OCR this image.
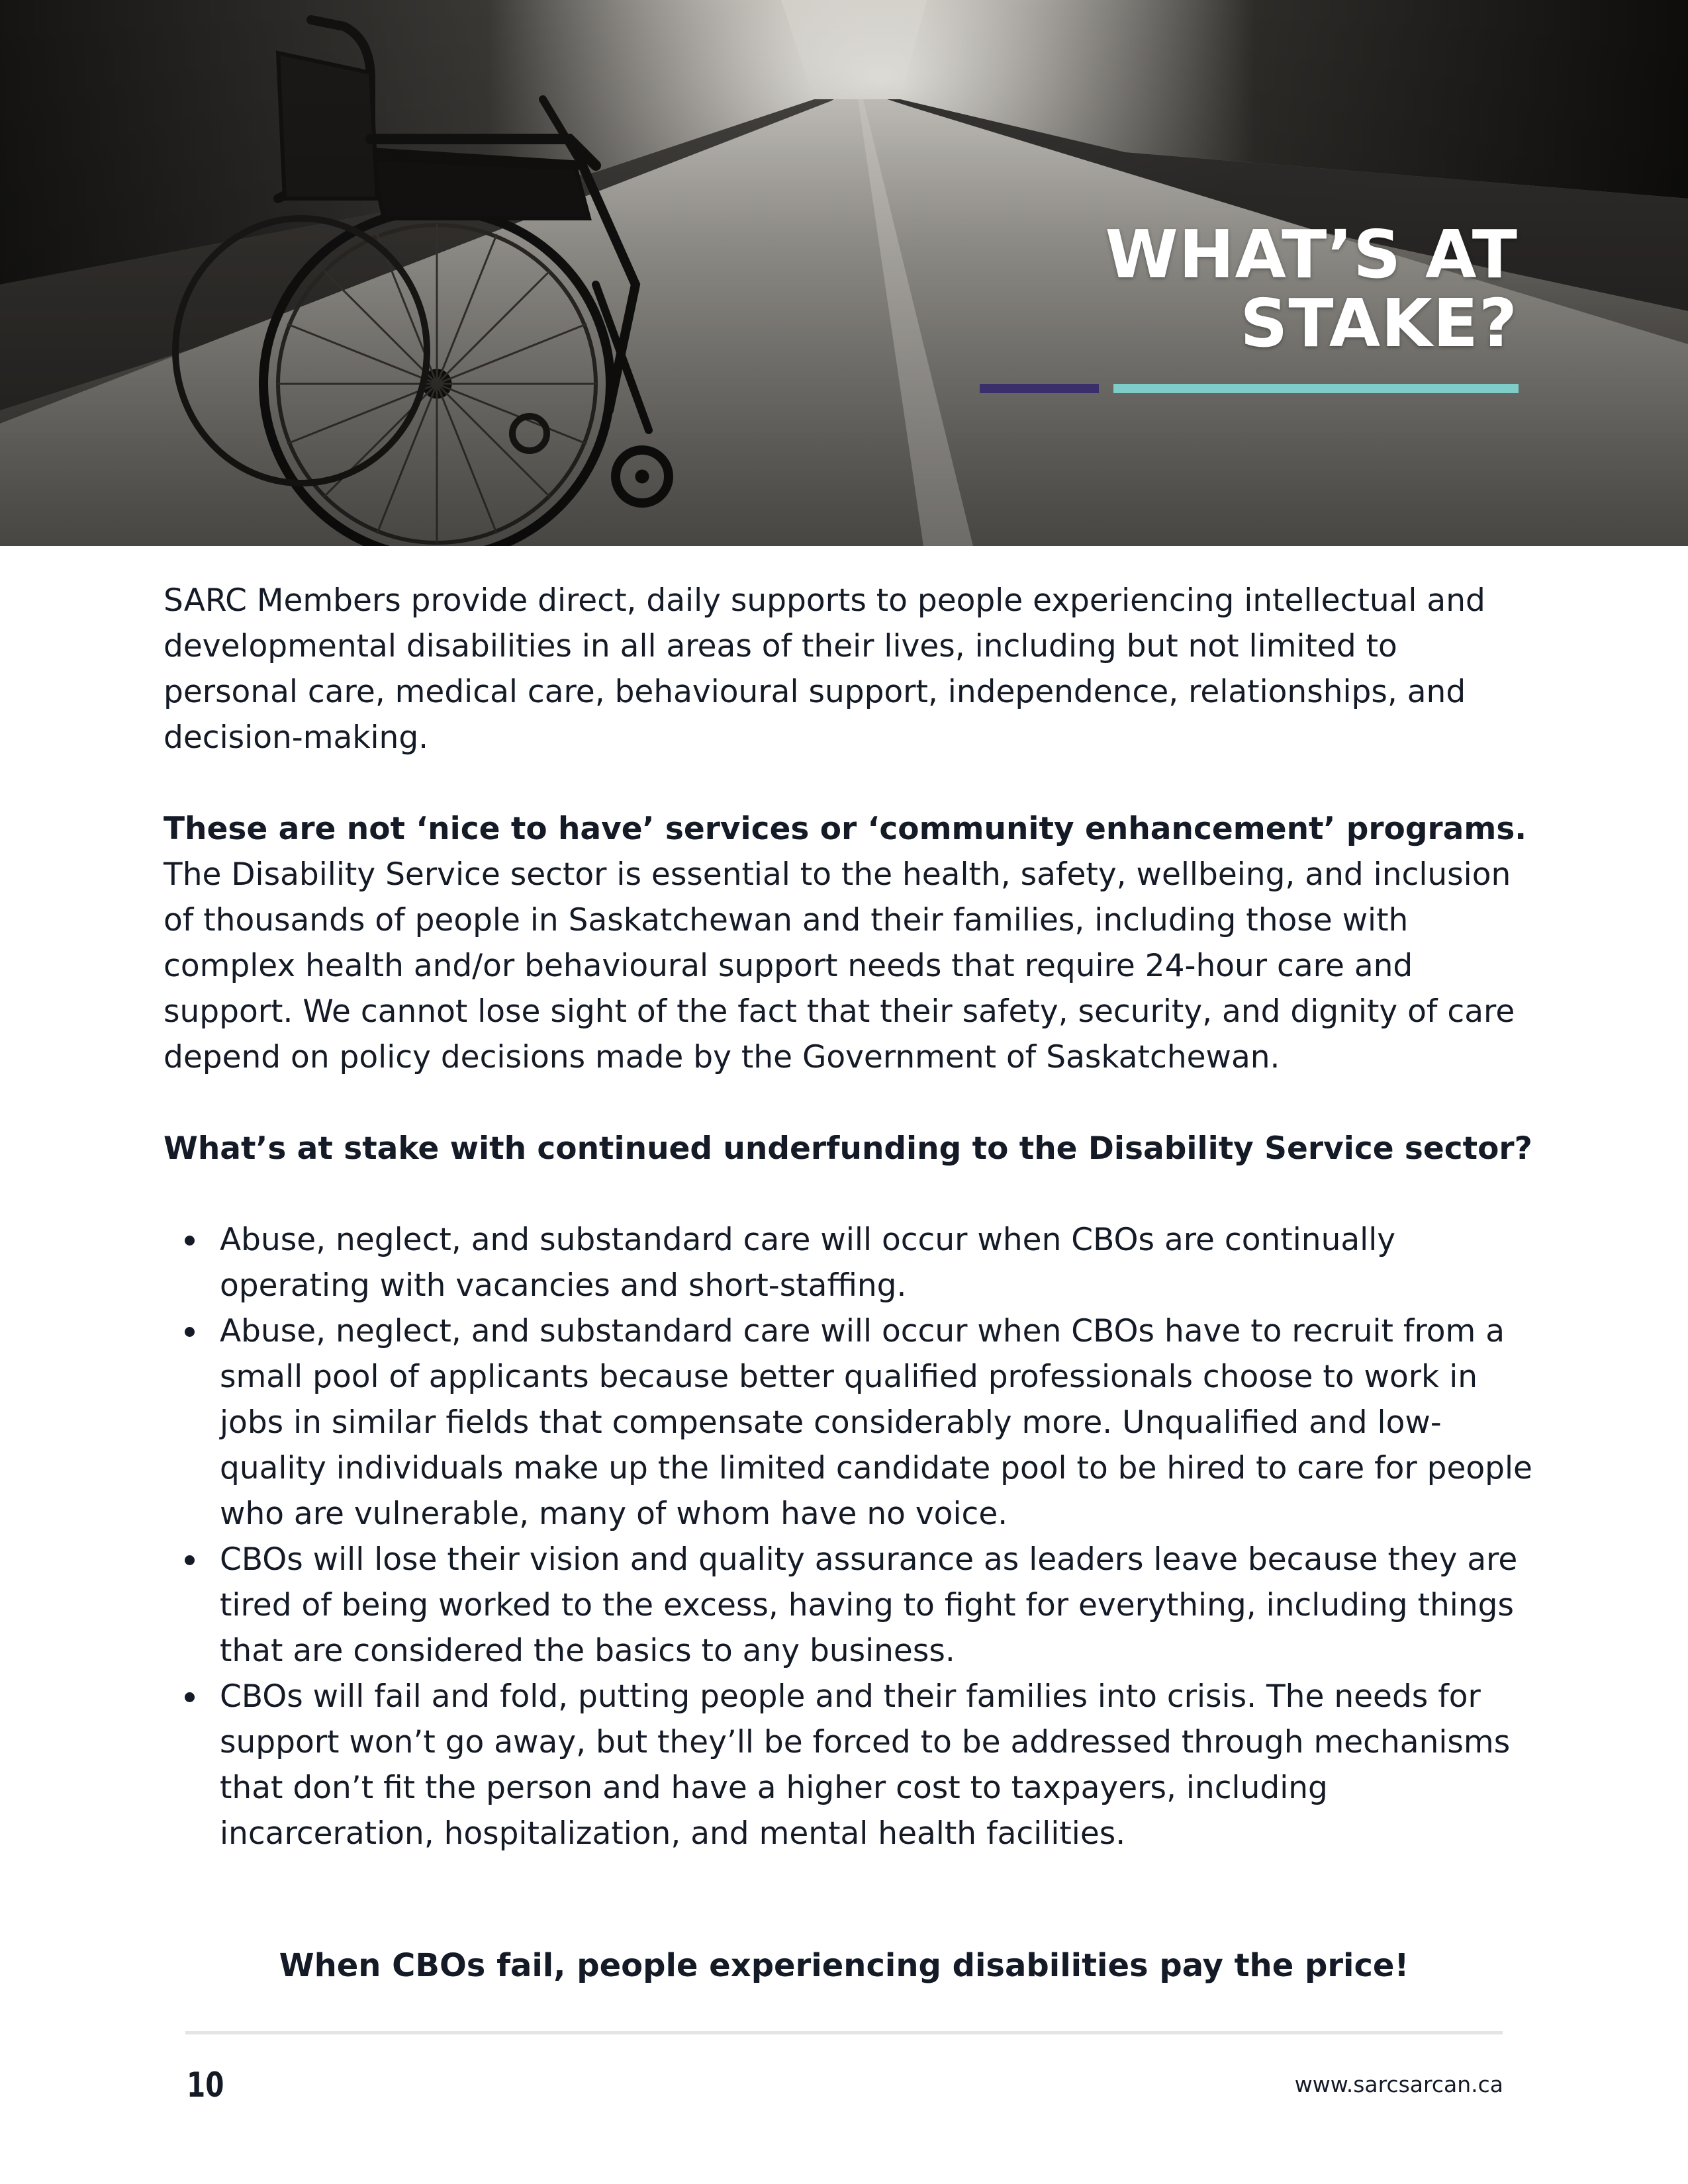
WHAT’S AT
STAKE?

SARC Members provide direct, daily supports to people experiencing intellectual and developmental disabilities in all areas of their lives, including but not limited to personal care, medical care, behavioural support, independence, relationships, and decision-making.

These are not ‘nice to have’ services or ‘community enhancement’ programs. The Disability Service sector is essential to the health, safety, wellbeing, and inclusion of thousands of people in Saskatchewan and their families, including those with complex health and/or behavioural support needs that require 24-hour care and support. We cannot lose sight of the fact that their safety, security, and dignity of care depend on policy decisions made by the Government of Saskatchewan.

What’s at stake with continued underfunding to the Disability Service sector?

Abuse, neglect, and substandard care will occur when CBOs are continually operating with vacancies and short-staffing.
Abuse, neglect, and substandard care will occur when CBOs have to recruit from a small pool of applicants because better qualified professionals choose to work in jobs in similar fields that compensate considerably more. Unqualified and low-quality individuals make up the limited candidate pool to be hired to care for people who are vulnerable, many of whom have no voice.
CBOs will lose their vision and quality assurance as leaders leave because they are tired of being worked to the excess, having to fight for everything, including things that are considered the basics to any business.
CBOs will fail and fold, putting people and their families into crisis. The needs for support won’t go away, but they’ll be forced to be addressed through mechanisms that don’t fit the person and have a higher cost to taxpayers, including incarceration, hospitalization, and mental health facilities.

When CBOs fail, people experiencing disabilities pay the price!

10	www.sarcsarcan.ca
